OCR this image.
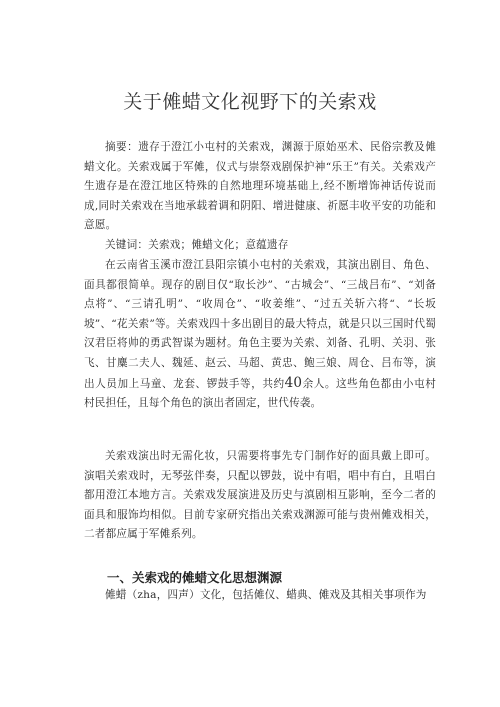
关于傩蜡文化视野下的关索戏

摘要：遗存于澄江小屯村的关索戏，渊源于原始巫术、民俗宗教及傩蜡文化。关索戏属于军傩，仪式与崇祭戏剧保护神“乐王”有关。关索戏产生遗存是在澄江地区特殊的自然地理环境基础上,经不断增饰神话传说而成,同时关索戏在当地承载着调和阴阳、增进健康、祈愿丰收平安的功能和意愿。

关键词：关索戏；傩蜡文化；意蕴遗存

在云南省玉溪市澄江县阳宗镇小屯村的关索戏，其演出剧目、角色、面具都很简单。现存的剧目仅“取长沙”、“古城会”、“三战吕布”、“刘备点将”、“三请孔明”、“收周仓”、“收姜维”、“过五关斩六将“、“长坂坡”、“花关索”等。关索戏四十多出剧目的最大特点，就是只以三国时代蜀汉君臣将帅的勇武智谋为题材。角色主要为关索、刘备、孔明、关羽、张飞、甘麋二夫人、魏延、赵云、马超、黄忠、鲍三娘、周仓、吕布等，演出人员加上马童、龙套、锣鼓手等，共约40余人。这些角色都由小屯村村民担任，且每个角色的演出者固定，世代传袭。

关索戏演出时无需化妆，只需要将事先专门制作好的面具戴上即可。演唱关索戏时，无琴弦伴奏，只配以锣鼓，说中有唱，唱中有白，且唱白都用澄江本地方言。关索戏发展演进及历史与滇剧相互影响，至今二者的面具和服饰均相似。目前专家研究指出关索戏渊源可能与贵州傩戏相关，二者都应属于军傩系列。

一、关索戏的傩蜡文化思想渊源

傩蜡（zha，四声）文化，包括傩仪、蜡典、傩戏及其相关事项作为
